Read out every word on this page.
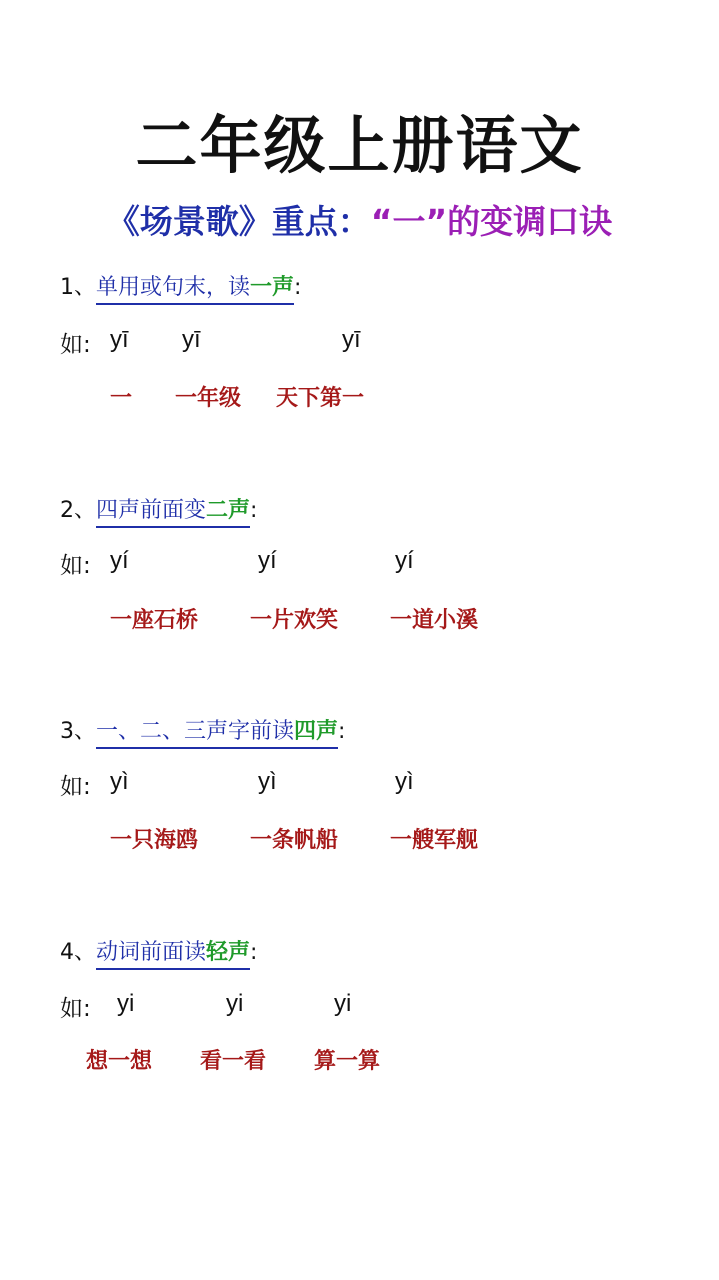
二年级上册语文
《场景歌》重点：“一”的变调口诀
1、单用或句末，读一声:
如: yī yī	yī
一 一年级 天下第一
2、四声前面变二声:
如: yí	yí	yí
一座石桥 一片欢笑 一道小溪
3、一、二、三声字前读四声:
如: yì	yì	yì
一只海鸥 一条帆船 一艘军舰
4、动词前面读轻声:
如: yi	yi	yi
想一想 看一看 算一算
